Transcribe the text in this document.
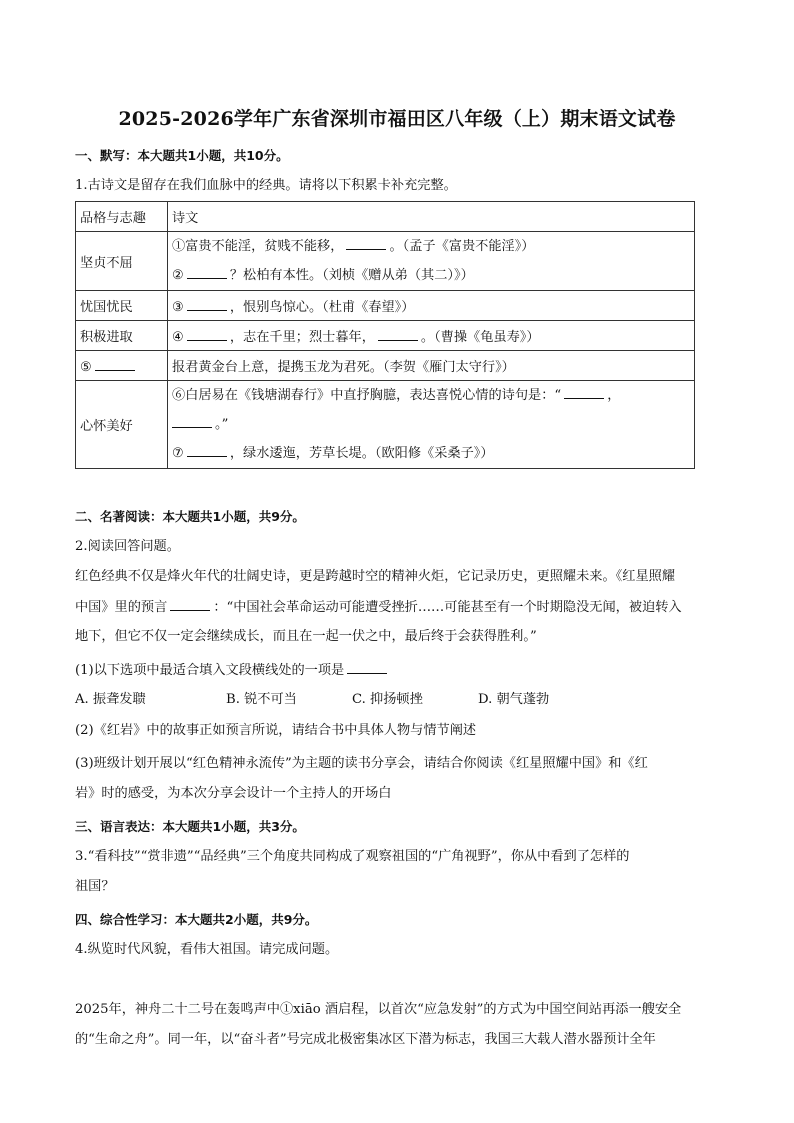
2025-2026学年广东省深圳市福田区八年级（上）期末语文试卷
一、默写：本大题共1小题，共10分。
1.古诗文是留存在我们血脉中的经典。请将以下积累卡补充完整。
品格与志趣	诗文
坚贞不屈	①富贵不能淫，贫贱不能移， 。（孟子《富贵不能淫》）
② ？松柏有本性。（刘桢《赠从弟（其二）》）

忧国忧民	③ ，恨别鸟惊心。（杜甫《春望》）
积极进取	④ ，志在千里；烈士暮年， 。（曹操《龟虽寿》）
⑤	报君黄金台上意，提携玉龙为君死。（李贺《雁门太守行》）
心怀美好	⑥白居易在《钱塘湖春行》中直抒胸臆，表达喜悦心情的诗句是：“ ，
。”
⑦ ，绿水逶迤，芳草长堤。（欧阳修《采桑子》）
二、名著阅读：本大题共1小题，共9分。
2.阅读回答问题。
红色经典不仅是烽火年代的壮阔史诗，更是跨越时空的精神火炬，它记录历史，更照耀未来。《红星照耀
中国》里的预言	：“中国社会革命运动可能遭受挫折……可能甚至有一个时期隐没无闻，被迫转入
地下，但它不仅一定会继续成长，而且在一起一伏之中，最后终于会获得胜利。”
(1)以下选项中最适合填入文段横线处的一项是
A. 振聋发聩	B. 锐不可当	C. 抑扬顿挫	D. 朝气蓬勃
(2)《红岩》中的故事正如预言所说，请结合书中具体人物与情节阐述
(3)班级计划开展以“红色精神永流传”为主题的读书分享会，请结合你阅读《红星照耀中国》和《红
岩》时的感受，为本次分享会设计一个主持人的开场白
三、语言表达：本大题共1小题，共3分。
3.“看科技”“赏非遗”“品经典”三个角度共同构成了观察祖国的“广角视野”，你从中看到了怎样的
祖国？
四、综合性学习：本大题共2小题，共9分。
4.纵览时代风貌，看伟大祖国。请完成问题。
2025年，神舟二十二号在轰鸣声中①xiāo 酒启程，以首次“应急发射”的方式为中国空间站再添一艘安全
的“生命之舟”。同一年，以“奋斗者”号完成北极密集冰区下潜为标志，我国三大载人潜水器预计全年
